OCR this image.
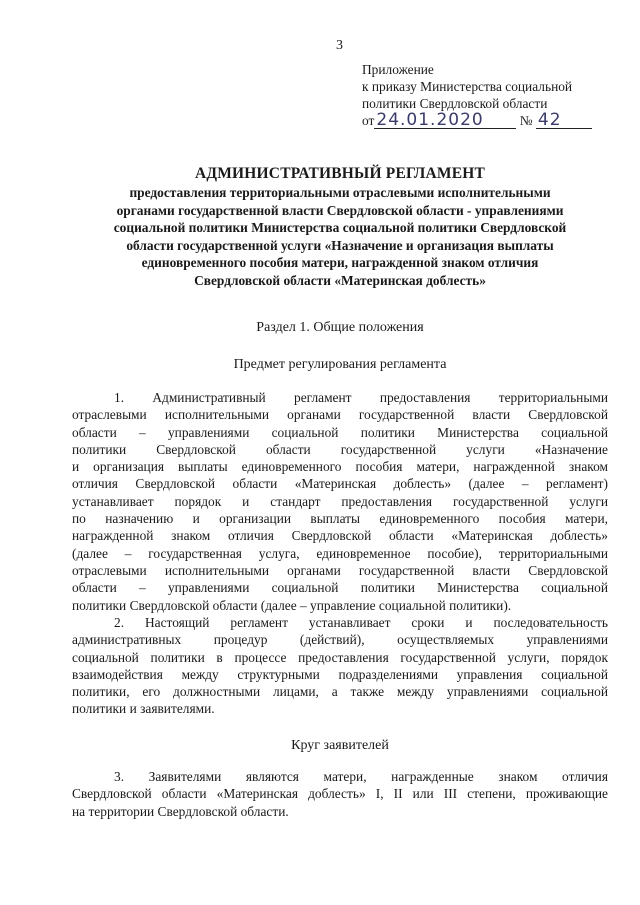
3
Приложение
к приказу Министерства социальной
политики Свердловской области
от 24.01.2020	№ 42
АДМИНИСТРАТИВНЫЙ РЕГЛАМЕНТ
предоставления территориальными отраслевыми исполнительными
органами государственной власти Свердловской области - управлениями
социальной политики Министерства социальной политики Свердловской
области государственной услуги «Назначение и организация выплаты
единовременного пособия матери, награжденной знаком отличия
Свердловской области «Материнская доблесть»
Раздел 1. Общие положения
Предмет регулирования регламента
1. Административный регламент предоставления территориальными
отраслевыми исполнительными органами государственной власти Свердловской
области – управлениями социальной политики Министерства социальной
политики Свердловской области государственной услуги «Назначение
и организация выплаты единовременного пособия матери, награжденной знаком
отличия Свердловской области «Материнская доблесть» (далее – регламент)
устанавливает порядок и стандарт предоставления государственной услуги
по назначению и организации выплаты единовременного пособия матери,
награжденной знаком отличия Свердловской области «Материнская доблесть»
(далее – государственная услуга, единовременное пособие), территориальными
отраслевыми исполнительными органами государственной власти Свердловской
области – управлениями социальной политики Министерства социальной
политики Свердловской области (далее – управление социальной политики).
2. Настоящий регламент устанавливает сроки и последовательность
административных процедур (действий), осуществляемых управлениями
социальной политики в процессе предоставления государственной услуги, порядок
взаимодействия между структурными подразделениями управления социальной
политики, его должностными лицами, а также между управлениями социальной
политики и заявителями.
Круг заявителей
3. Заявителями являются матери, награжденные знаком отличия
Свердловской области «Материнская доблесть» I, II или III степени, проживающие
на территории Свердловской области.
